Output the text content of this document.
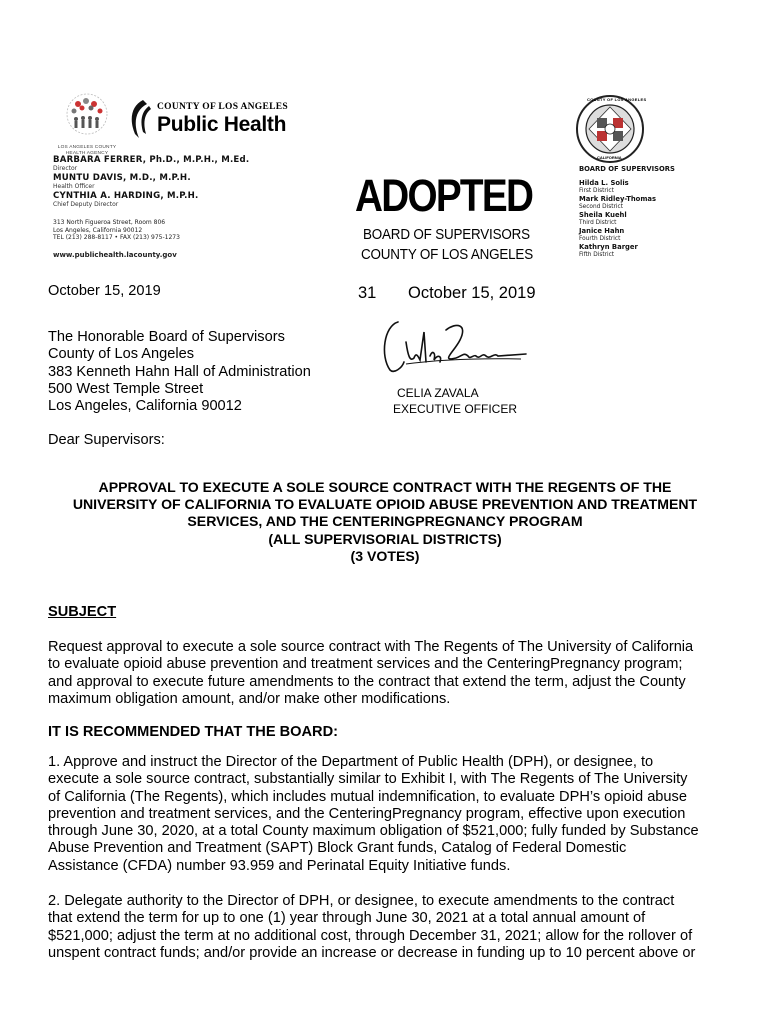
LOS ANGELES COUNTY
HEALTH AGENCY
COUNTY OF LOS ANGELES
Public Health
BARBARA FERRER, Ph.D., M.P.H., M.Ed.
Director
MUNTU DAVIS, M.D., M.P.H.
Health Officer
CYNTHIA A. HARDING, M.P.H.
Chief Deputy Director
313 North Figueroa Street, Room 806
Los Angeles, California 90012
TEL (213) 288-8117 • FAX (213) 975-1273
www.publichealth.lacounty.gov
COUNTY OF LOS ANGELES
CALIFORNIA
BOARD OF SUPERVISORS
Hilda L. Solis
First District
Mark Ridley-Thomas
Second District
Sheila Kuehl
Third District
Janice Hahn
Fourth District
Kathryn Barger
Fifth District
ADOPTED
BOARD OF SUPERVISORS
COUNTY OF LOS ANGELES
31 October 15, 2019
CELIA ZAVALA
EXECUTIVE OFFICER
October 15, 2019
The Honorable Board of Supervisors
County of Los Angeles
383 Kenneth Hahn Hall of Administration
500 West Temple Street
Los Angeles, California 90012
Dear Supervisors:
APPROVAL TO EXECUTE A SOLE SOURCE CONTRACT WITH THE REGENTS OF THE
UNIVERSITY OF CALIFORNIA TO EVALUATE OPIOID ABUSE PREVENTION AND TREATMENT
SERVICES, AND THE CENTERINGPREGNANCY PROGRAM
(ALL SUPERVISORIAL DISTRICTS)
(3 VOTES)
SUBJECT
Request approval to execute a sole source contract with The Regents of The University of California
to evaluate opioid abuse prevention and treatment services and the CenteringPregnancy program;
and approval to execute future amendments to the contract that extend the term, adjust the County
maximum obligation amount, and/or make other modifications.
IT IS RECOMMENDED THAT THE BOARD:
1. Approve and instruct the Director of the Department of Public Health (DPH), or designee, to
execute a sole source contract, substantially similar to Exhibit I, with The Regents of The University
of California (The Regents), which includes mutual indemnification, to evaluate DPH’s opioid abuse
prevention and treatment services, and the CenteringPregnancy program, effective upon execution
through June 30, 2020, at a total County maximum obligation of $521,000; fully funded by Substance
Abuse Prevention and Treatment (SAPT) Block Grant funds, Catalog of Federal Domestic
Assistance (CFDA) number 93.959 and Perinatal Equity Initiative funds.
2. Delegate authority to the Director of DPH, or designee, to execute amendments to the contract
that extend the term for up to one (1) year through June 30, 2021 at a total annual amount of
$521,000; adjust the term at no additional cost, through December 31, 2021; allow for the rollover of
unspent contract funds; and/or provide an increase or decrease in funding up to 10 percent above or
